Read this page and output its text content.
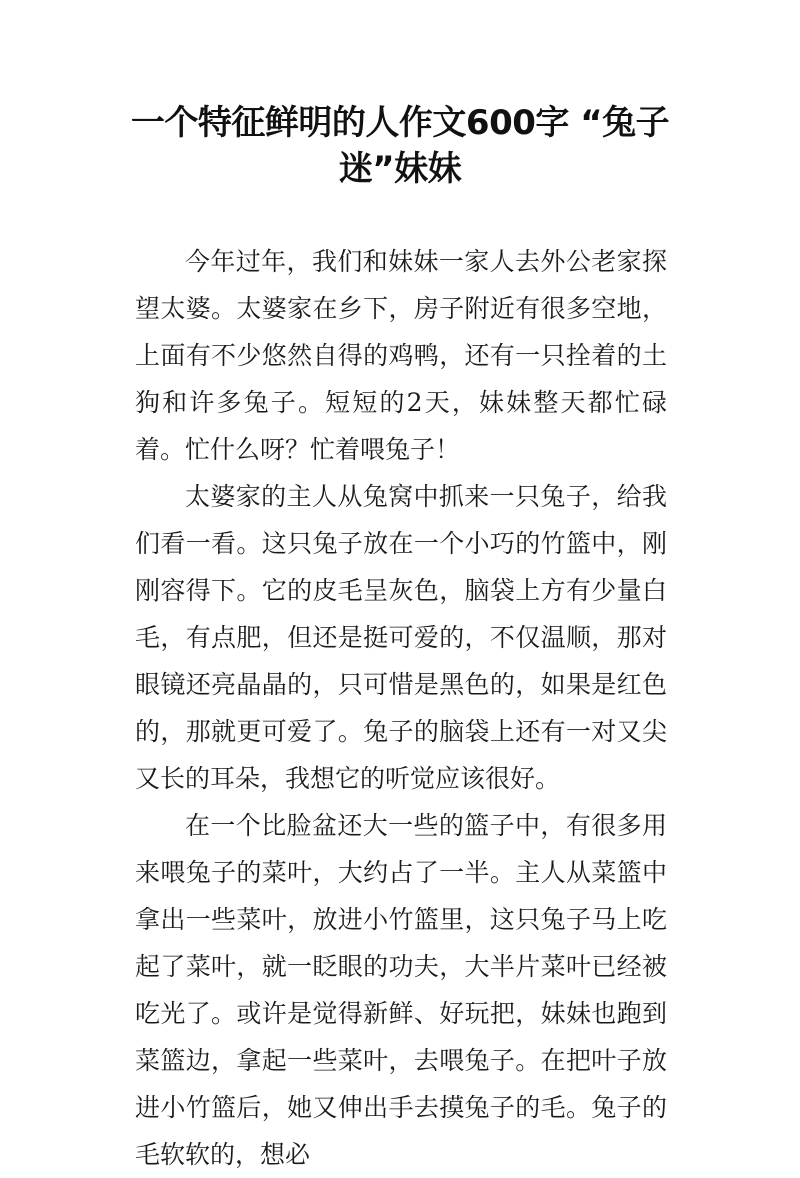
一个特征鲜明的人作文600字 “兔子迷”妹妹

今年过年，我们和妹妹一家人去外公老家探望太婆。太婆家在乡下，房子附近有很多空地，上面有不少悠然自得的鸡鸭，还有一只拴着的土狗和许多兔子。短短的2天，妹妹整天都忙碌着。忙什么呀？忙着喂兔子！

太婆家的主人从兔窝中抓来一只兔子，给我们看一看。这只兔子放在一个小巧的竹篮中，刚刚容得下。它的皮毛呈灰色，脑袋上方有少量白毛，有点肥，但还是挺可爱的，不仅温顺，那对眼镜还亮晶晶的，只可惜是黑色的，如果是红色的，那就更可爱了。兔子的脑袋上还有一对又尖又长的耳朵，我想它的听觉应该很好。

在一个比脸盆还大一些的篮子中，有很多用来喂兔子的菜叶，大约占了一半。主人从菜篮中拿出一些菜叶，放进小竹篮里，这只兔子马上吃起了菜叶，就一眨眼的功夫，大半片菜叶已经被吃光了。或许是觉得新鲜、好玩把，妹妹也跑到菜篮边，拿起一些菜叶，去喂兔子。在把叶子放进小竹篮后，她又伸出手去摸兔子的毛。兔子的毛软软的，想必
